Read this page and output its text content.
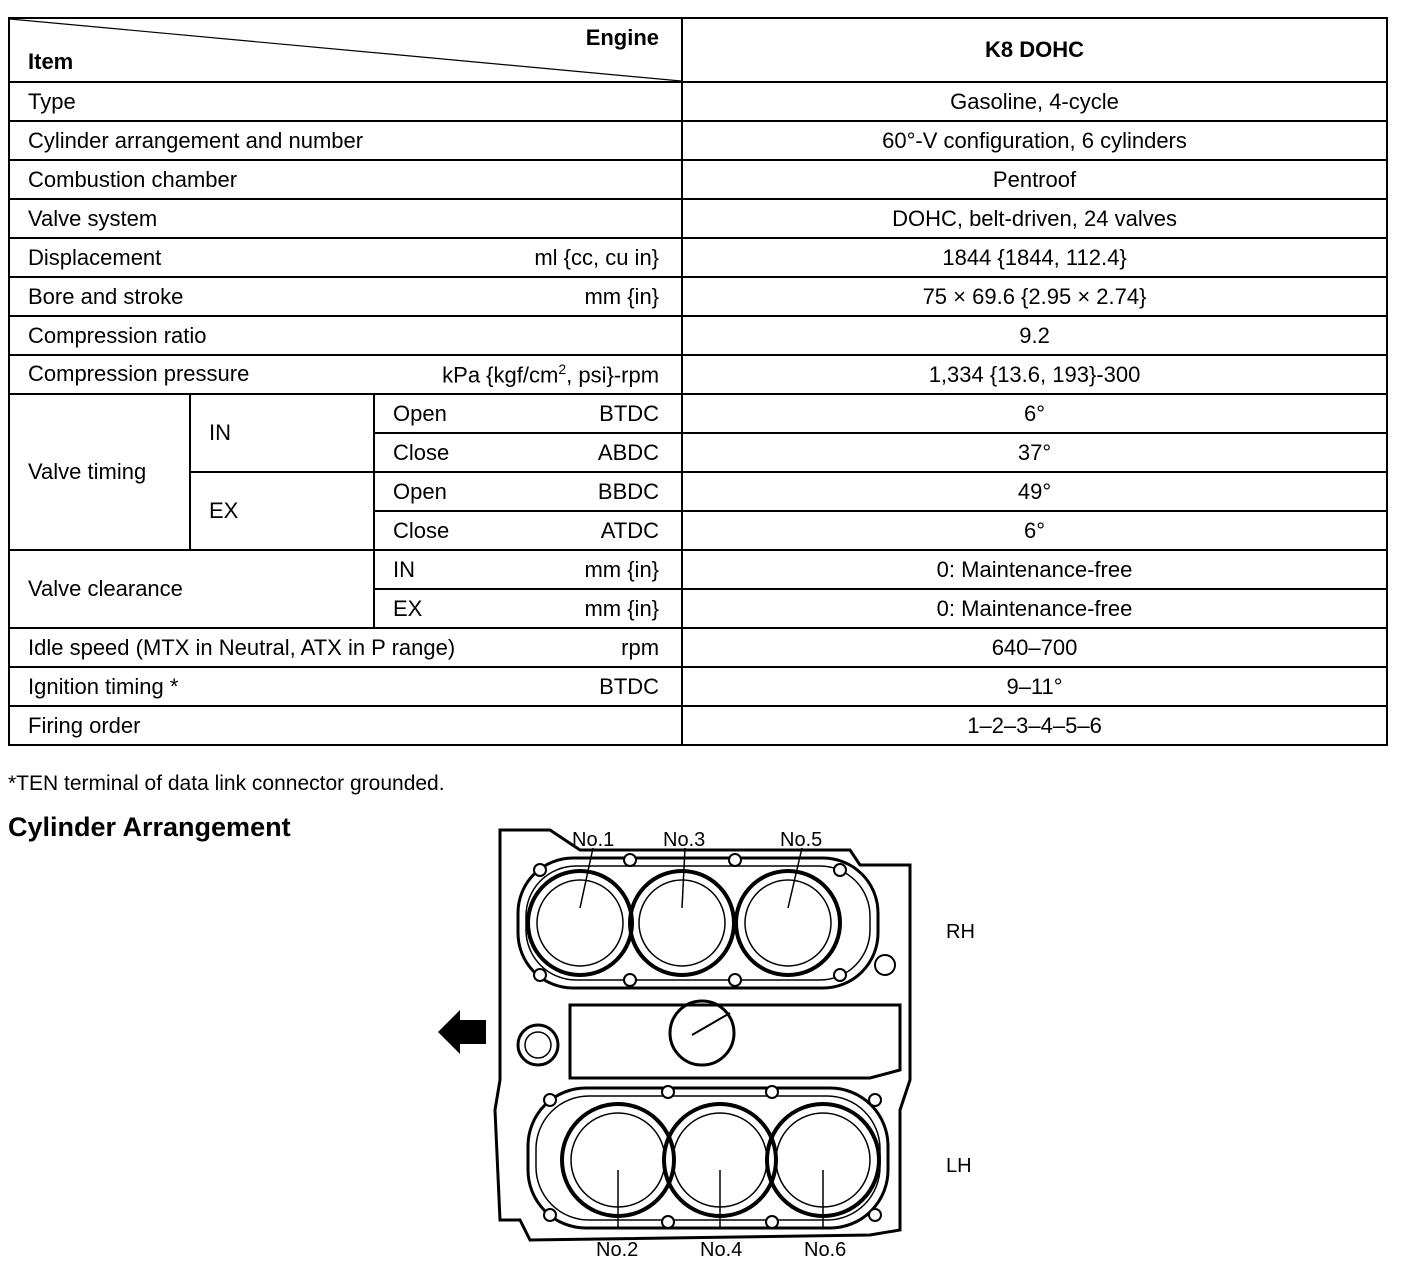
Item
Engine			K8 DOHC
Type			Gasoline, 4-cycle
Cylinder arrangement and number			60°-V configuration, 6 cylinders
Combustion chamber			Pentroof
Valve system			DOHC, belt-driven, 24 valves

Displacement ml {cc, cu in}			1844 {1844, 112.4}

Bore and stroke mm {in}			75 × 69.6 {2.95 × 2.74}
Compression ratio			9.2

Compression pressure kPa {$kgf/cm^2$, psi}-rpm			1,334 {13.6, 193}-300
Valve timing	IN	Open BTDC	6°

		Close ABDC	37°
	EX	Open BBDC	49°

		Close ATDC	6°
Valve clearance		IN mm {in}	0: Maintenance-free

		EX mm {in}	0: Maintenance-free

Idle speed (MTX in Neutral, ATX in P range) rpm			640–700

Ignition timing * BTDC			9–11°
Firing order			1–2–3–4–5–6
*TEN terminal of data link connector grounded.
Cylinder Arrangement	No.1 No.3	No.5
No.2	No.4	No.6
RH
LH
